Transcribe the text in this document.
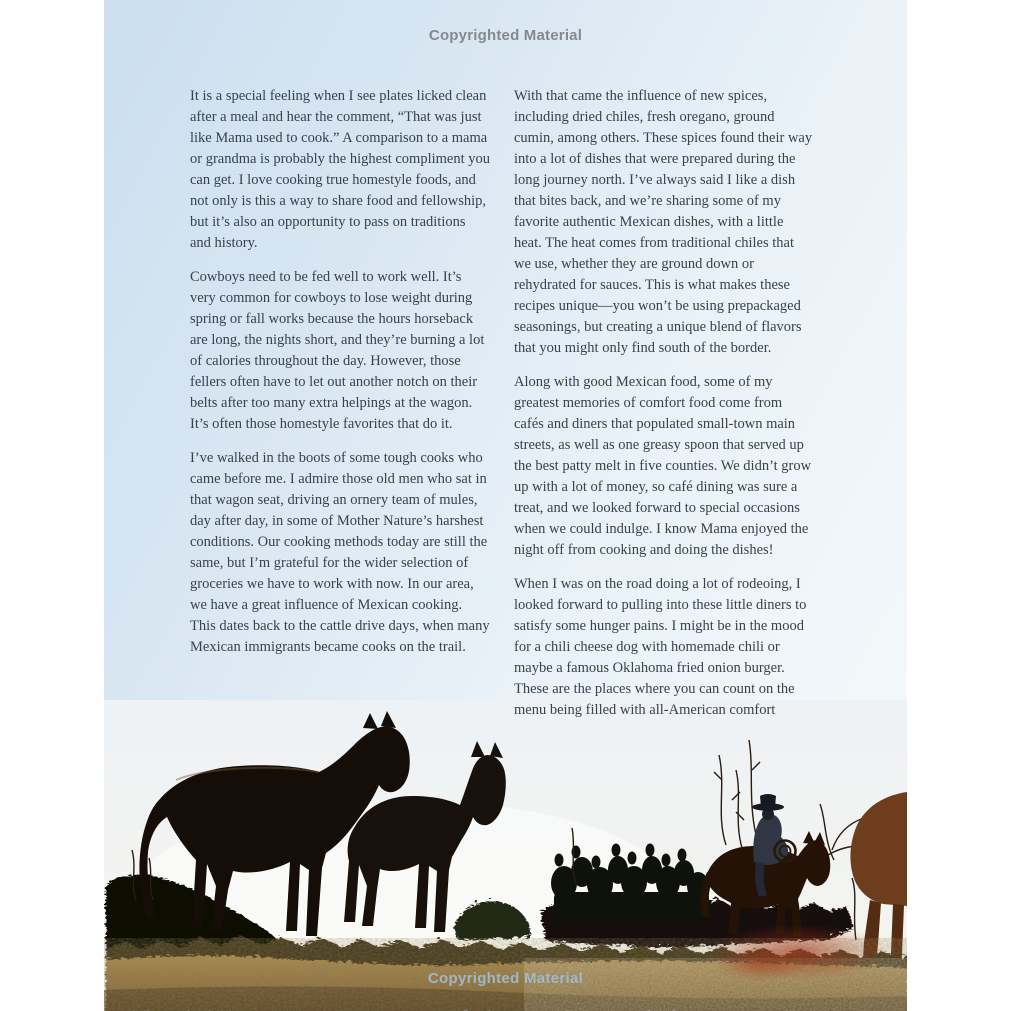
Copyrighted Material

It is a special feeling when I see plates licked clean after a meal and hear the comment, “That was just like Mama used to cook.” A comparison to a mama or grandma is probably the highest compliment you can get. I love cooking true homestyle foods, and not only is this a way to share food and fellowship, but it’s also an opportunity to pass on traditions and history.

Cowboys need to be fed well to work well. It’s very common for cowboys to lose weight during spring or fall works because the hours horseback are long, the nights short, and they’re burning a lot of calories throughout the day. However, those fellers often have to let out another notch on their belts after too many extra helpings at the wagon. It’s often those homestyle favorites that do it.

I’ve walked in the boots of some tough cooks who came before me. I admire those old men who sat in that wagon seat, driving an ornery team of mules, day after day, in some of Mother Nature’s harshest conditions. Our cooking methods today are still the same, but I’m grateful for the wider selection of groceries we have to work with now. In our area, we have a great influence of Mexican cooking. This dates back to the cattle drive days, when many Mexican immigrants became cooks on the trail.

With that came the influence of new spices, including dried chiles, fresh oregano, ground cumin, among others. These spices found their way into a lot of dishes that were prepared during the long journey north. I’ve always said I like a dish that bites back, and we’re sharing some of my favorite authentic Mexican dishes, with a little heat. The heat comes from traditional chiles that we use, whether they are ground down or rehydrated for sauces. This is what makes these recipes unique—you won’t be using prepackaged seasonings, but creating a unique blend of flavors that you might only find south of the border.

Along with good Mexican food, some of my greatest memories of comfort food come from cafés and diners that populated small-town main streets, as well as one greasy spoon that served up the best patty melt in five counties. We didn’t grow up with a lot of money, so café dining was sure a treat, and we looked forward to special occasions when we could indulge. I know Mama enjoyed the night off from cooking and doing the dishes!

When I was on the road doing a lot of rodeoing, I looked forward to pulling into these little diners to satisfy some hunger pains. I might be in the mood for a chili cheese dog with homemade chili or maybe a famous Oklahoma fried onion burger. These are the places where you can count on the menu being filled with all-American comfort

Copyrighted Material
